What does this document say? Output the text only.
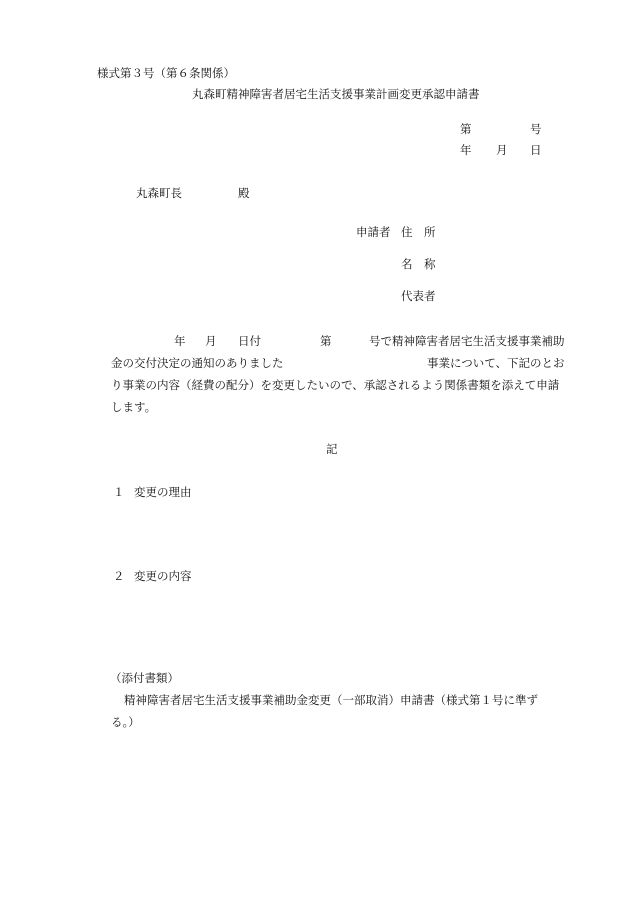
様式第３号（第６条関係）
丸森町精神障害者居宅生活支援事業計画変更承認申請書
第	号
年 月 日
丸森町長	殿
申請者 住　所
名　称
代表者
年 月 日付	第	号で精神障害者居宅生活支援事業補助
金の交付決定の通知のありました	事業について、下記のとお
り事業の内容（経費の配分）を変更したいので、承認されるよう関係書類を添えて申請
します。
記
１ 変更の理由
２ 変更の内容
（添付書類）
精神障害者居宅生活支援事業補助金変更（一部取消）申請書（様式第１号に準ず
る。）
